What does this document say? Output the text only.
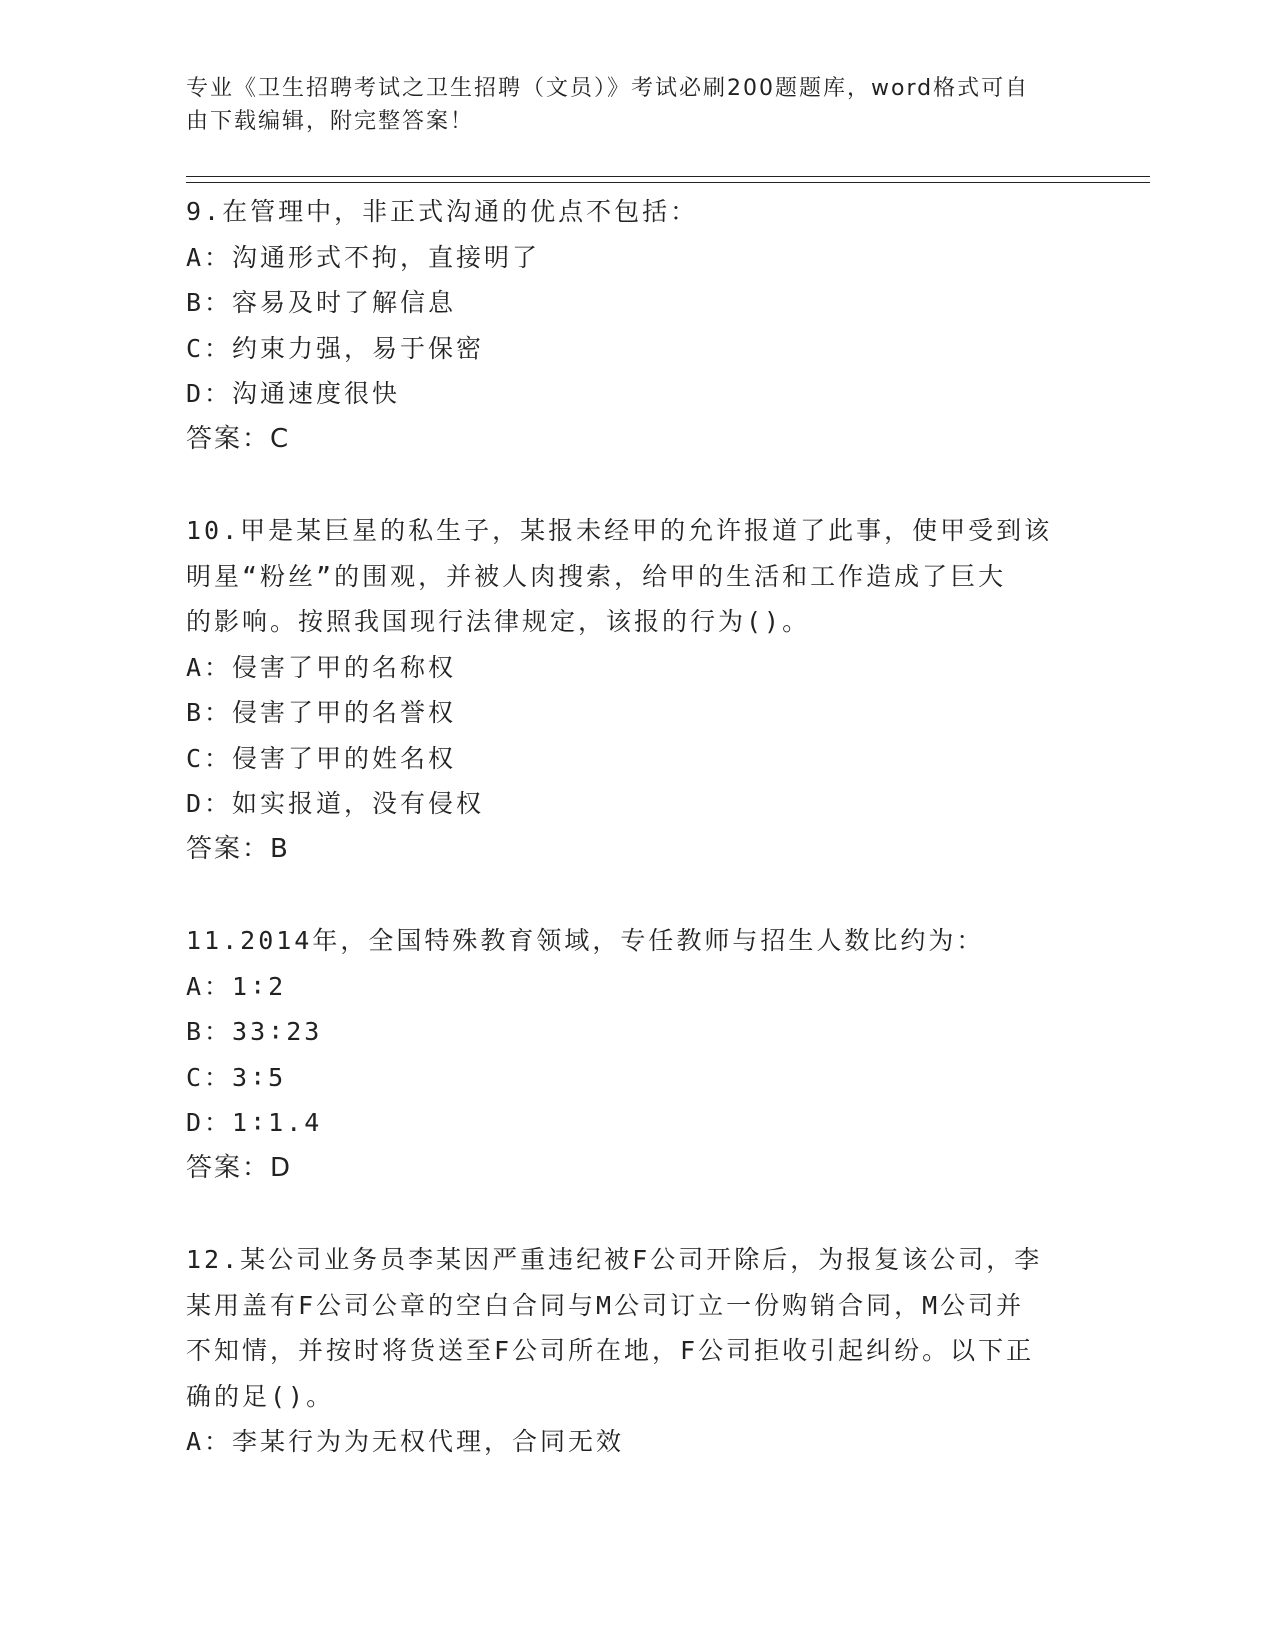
专业《卫生招聘考试之卫生招聘（文员）》考试必刷200题题库，word格式可自
由下载编辑，附完整答案！
9.在管理中，非正式沟通的优点不包括：
A：沟通形式不拘，直接明了
B：容易及时了解信息
C：约束力强，易于保密
D：沟通速度很快
答案：C
10.甲是某巨星的私生子，某报未经甲的允许报道了此事，使甲受到该
明星“粉丝”的围观，并被人肉搜索，给甲的生活和工作造成了巨大
的影响。按照我国现行法律规定，该报的行为()。
A：侵害了甲的名称权
B：侵害了甲的名誉权
C：侵害了甲的姓名权
D：如实报道，没有侵权
答案：B
11.2014年，全国特殊教育领域，专任教师与招生人数比约为：
A：1∶2
B：33∶23
C：3∶5
D：1∶1.4
答案：D
12.某公司业务员李某因严重违纪被F公司开除后，为报复该公司，李
某用盖有F公司公章的空白合同与M公司订立一份购销合同，M公司并
不知情，并按时将货送至F公司所在地，F公司拒收引起纠纷。以下正
确的足()。
A：李某行为为无权代理，合同无效
